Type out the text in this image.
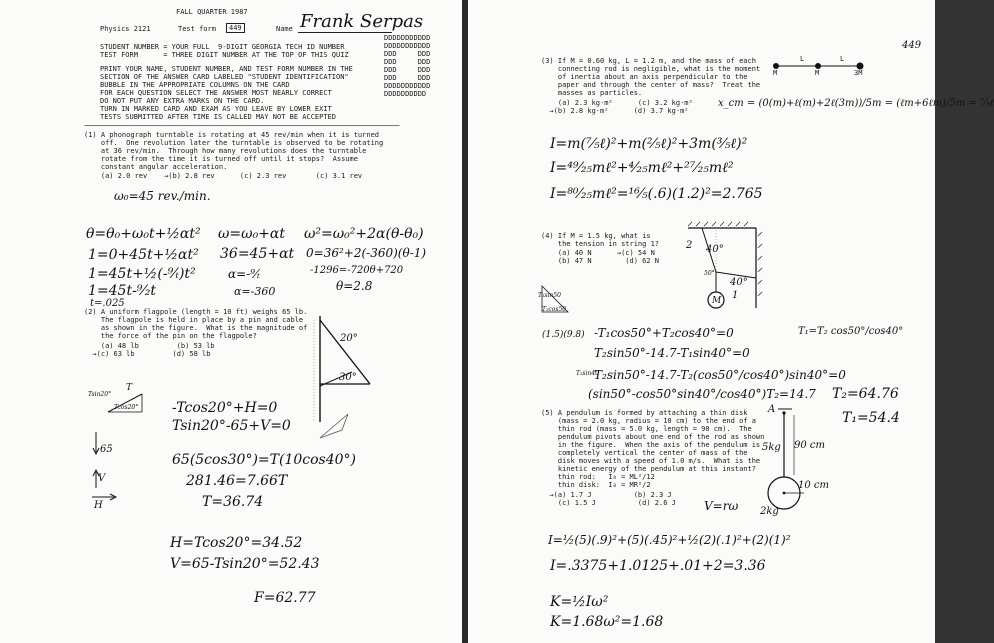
FALL QUARTER 1987
Physics 2121	Test form	449	Name Frank Serpas
STUDENT NUMBER = YOUR FULL  9-DIGIT GEORGIA TECH ID NUMBER
TEST FORM      = THREE DIGIT NUMBER AT THE TOP OF THIS QUIZ
DDDDDDDDDDD
DDDDDDDDDDD
DDD     DDD
DDD     DDD
DDD     DDD
DDD     DDD
DDDDDDDDDDD
DDDDDDDDDD
PRINT YOUR NAME, STUDENT NUMBER, AND TEST FORM NUMBER IN THE
SECTION OF THE ANSWER CARD LABELED "STUDENT IDENTIFICATION"
BUBBLE IN THE APPROPRIATE COLUMNS ON THE CARD
FOR EACH QUESTION SELECT THE ANSWER MOST NEARLY CORRECT
DO NOT PUT ANY EXTRA MARKS ON THE CARD.
TURN IN MARKED CARD AND EXAM AS YOU LEAVE BY LOWER EXIT
TESTS SUBMITTED AFTER TIME IS CALLED MAY NOT BE ACCEPTED
~~~~~~~~~~~~~~~~~~~~~~~~~~~~~~~~~~~~~~~~~~~~~~~~~~~~~~~~~~~~~~~~~~~~~~~~~~~~~~~~~~~~~~~~~~~~~~~~~~
(1) A phonograph turntable is rotating at 45 rev/min when it is turned
off.  One revolution later the turntable is observed to be rotating
at 36 rev/min.  Through how many revolutions does the turntable
rotate from the time it is turned off until it stops?  Assume
constant angular acceleration.
(a) 2.0 rev    →(b) 2.8 rev      (c) 2.3 rev       (c) 3.1 rev
ω₀=45 rev./min.
θ=θ₀+ω₀t+½αt²
1=0+45t+½αt²
1=45t+½(-⁹⁄ₜ)t²
1=45t-⁹⁄₂t
t=.025
ω=ω₀+αt
36=45+αt
α=-⁹⁄ₜ
α=-360
ω²=ω₀²+2α(θ-θ₀)
0=36²+2(-360)(θ-1)
-1296=-720θ+720
θ=2.8
(2) A uniform flagpole (length = 10 ft) weighs 65 lb.
The flagpole is held in place by a pin and cable
as shown in the figure.  What is the magnitude of
the force of the pin on the flagpole?
(a) 48 lb         (b) 53 lb
→(c) 63 lb         (d) 58 lb
20°
30°
T
Tsin20°
Tcos20°
65
V
H
-Tcos20°+H=0
Tsin20°-65+V=0
65(5cos30°)=T(10cos40°)
281.46=7.66T
T=36.74
H=Tcos20°=34.52
V=65-Tsin20°=52.43
F=62.77
449
(3) If M = 0.60 kg, L = 1.2 m, and the mass of each
connecting rod is negligible, what is the moment
of inertia about an axis perpendicular to the
paper and through the center of mass?  Treat the
masses as particles.
(a) 2.3 kg·m²      (c) 3.2 kg·m²
→(b) 2.8 kg·m²      (d) 3.7 kg·m²
L	L
M	M	3M
x_cm = (0(m)+ℓ(m)+2ℓ(3m))/5m = (ℓm+6ℓm)/5m = ⁷⁄₅ℓ
I=m(⁷⁄₅ℓ)²+m(²⁄₅ℓ)²+3m(³⁄₅ℓ)²
I=⁴⁹⁄₂₅mℓ²+⁴⁄₂₅mℓ²+²⁷⁄₂₅mℓ²
I=⁸⁰⁄₂₅mℓ²=¹⁶⁄₅(.6)(1.2)²=2.765
(4) If M = 1.5 kg, what is
the tension in string 1?
(a) 40 N      →(c) 54 N
(b) 47 N        (d) 62 N
2 40°
40°
50°
1
M
T₁sin50
T₂cos50
T₂sin40
(1.5)(9.8) -T₁cos50°+T₂cos40°=0	T₁=T₂ cos50°/cos40°
T₂sin50°-14.7-T₁sin40°=0
T₂sin50°-14.7-T₂(cos50°/cos40°)sin40°=0
(sin50°-cos50°sin40°/cos40°)T₂=14.7 T₂=64.76
T₁=54.4
(5) A pendulum is formed by attaching a thin disk
(mass = 2.0 kg, radius = 10 cm) to the end of a
thin rod (mass = 5.0 kg, length = 90 cm).  The
pendulum pivots about one end of the rod as shown
in the figure.  When the axis of the pendulum is
completely vertical the center of mass of the
disk moves with a speed of 1.0 m/s.  What is the
kinetic energy of the pendulum at this instant?
thin rod:   I₀ = ML²/12
thin disk:  I₀ = MR²/2
→(a) 1.7 J          (b) 2.3 J
(c) 1.5 J          (d) 2.6 J
A
90 cm
10 cm
5kg
2kg
V=rω
I=½(5)(.9)²+(5)(.45)²+½(2)(.1)²+(2)(1)²
I=.3375+1.0125+.01+2=3.36
K=½Iω²
K=1.68ω²=1.68
